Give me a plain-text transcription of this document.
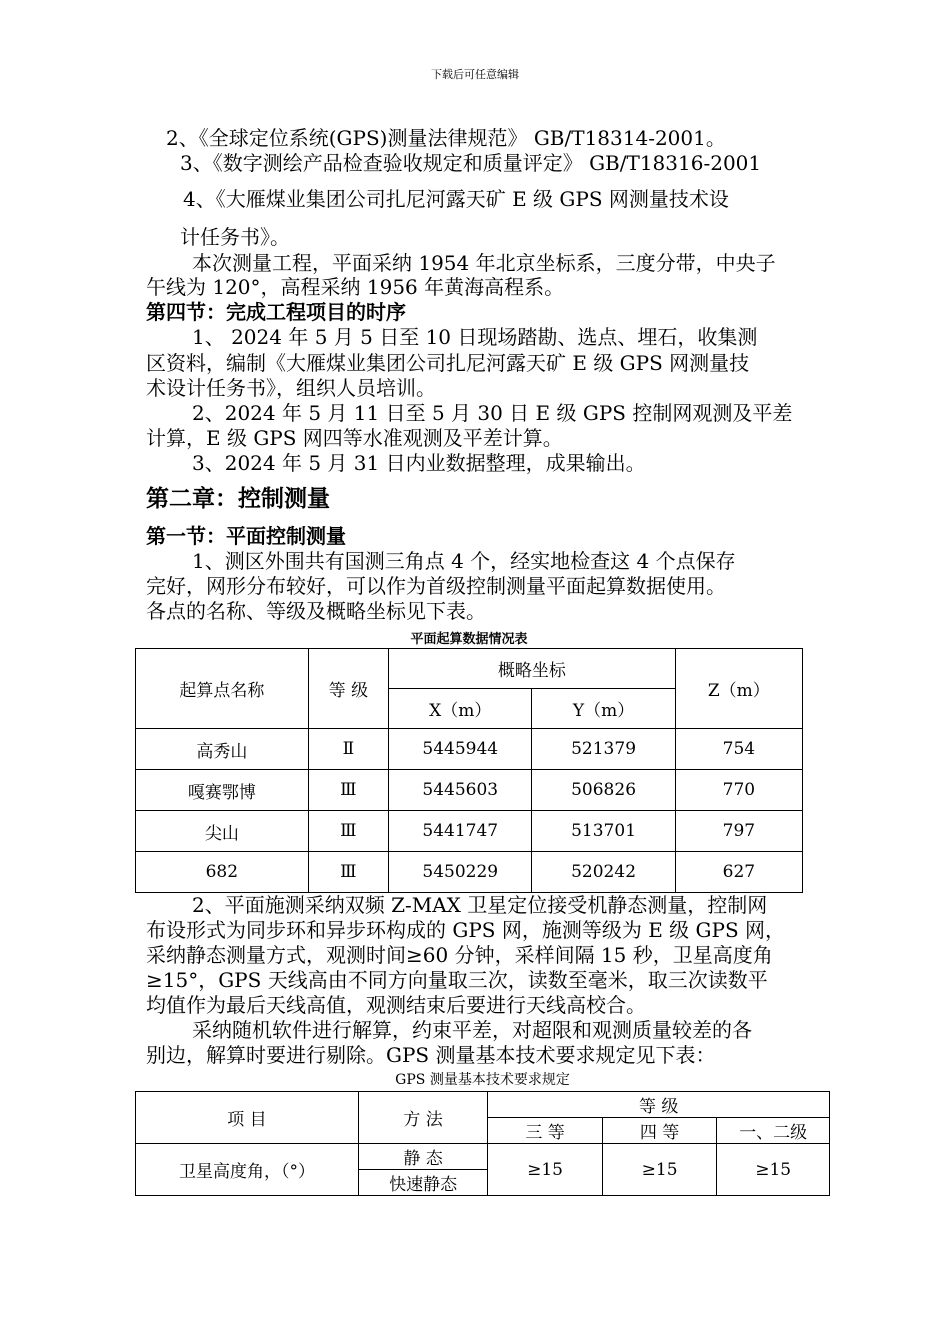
下载后可任意编辑
2、《全球定位系统(GPS)测量法律规范》 GB/T18314-2001。
3、《数字测绘产品检查验收规定和质量评定》 GB/T18316-2001
4、《大雁煤业集团公司扎尼河露天矿 E 级 GPS 网测量技术设
计任务书》。
本次测量工程，平面采纳 1954 年北京坐标系，三度分带，中央子
午线为 120°，高程采纳 1956 年黄海高程系。
第四节：完成工程项目的时序
1、 2024 年 5 月 5 日至 10 日现场踏勘、选点、埋石，收集测
区资料，编制《大雁煤业集团公司扎尼河露天矿 E 级 GPS 网测量技
术设计任务书》，组织人员培训。
2、2024 年 5 月 11 日至 5 月 30 日 E 级 GPS 控制网观测及平差
计算，E 级 GPS 网四等水准观测及平差计算。
3、2024 年 5 月 31 日内业数据整理，成果输出。
第二章：控制测量
第一节：平面控制测量
1、测区外围共有国测三角点 4 个，经实地检查这 4 个点保存
完好，网形分布较好，可以作为首级控制测量平面起算数据使用。
各点的名称、等级及概略坐标见下表。
平面起算数据情况表
起算点名称	等 级	概略坐标		Z（m）
		X（m）	Y（m）	
高秀山	Ⅱ	5445944	521379	754
嘎赛鄂博	Ⅲ	5445603	506826	770
尖山	Ⅲ	5441747	513701	797
682	Ⅲ	5450229	520242	627
2、平面施测采纳双频 Z-MAX 卫星定位接受机静态测量，控制网
布设形式为同步环和异步环构成的 GPS 网，施测等级为 E 级 GPS 网，
采纳静态测量方式，观测时间≥60 分钟，采样间隔 15 秒，卫星高度角
≥15°，GPS 天线高由不同方向量取三次，读数至毫米，取三次读数平
均值作为最后天线高值，观测结束后要进行天线高校合。
采纳随机软件进行解算，约束平差，对超限和观测质量较差的各
别边，解算时要进行剔除。GPS 测量基本技术要求规定见下表：
GPS 测量基本技术要求规定
项 目	方 法	等 级		
		三 等	四 等	一、二级
卫星高度角，（°）	静 态	≥15	≥15	≥15
	快速静态			
